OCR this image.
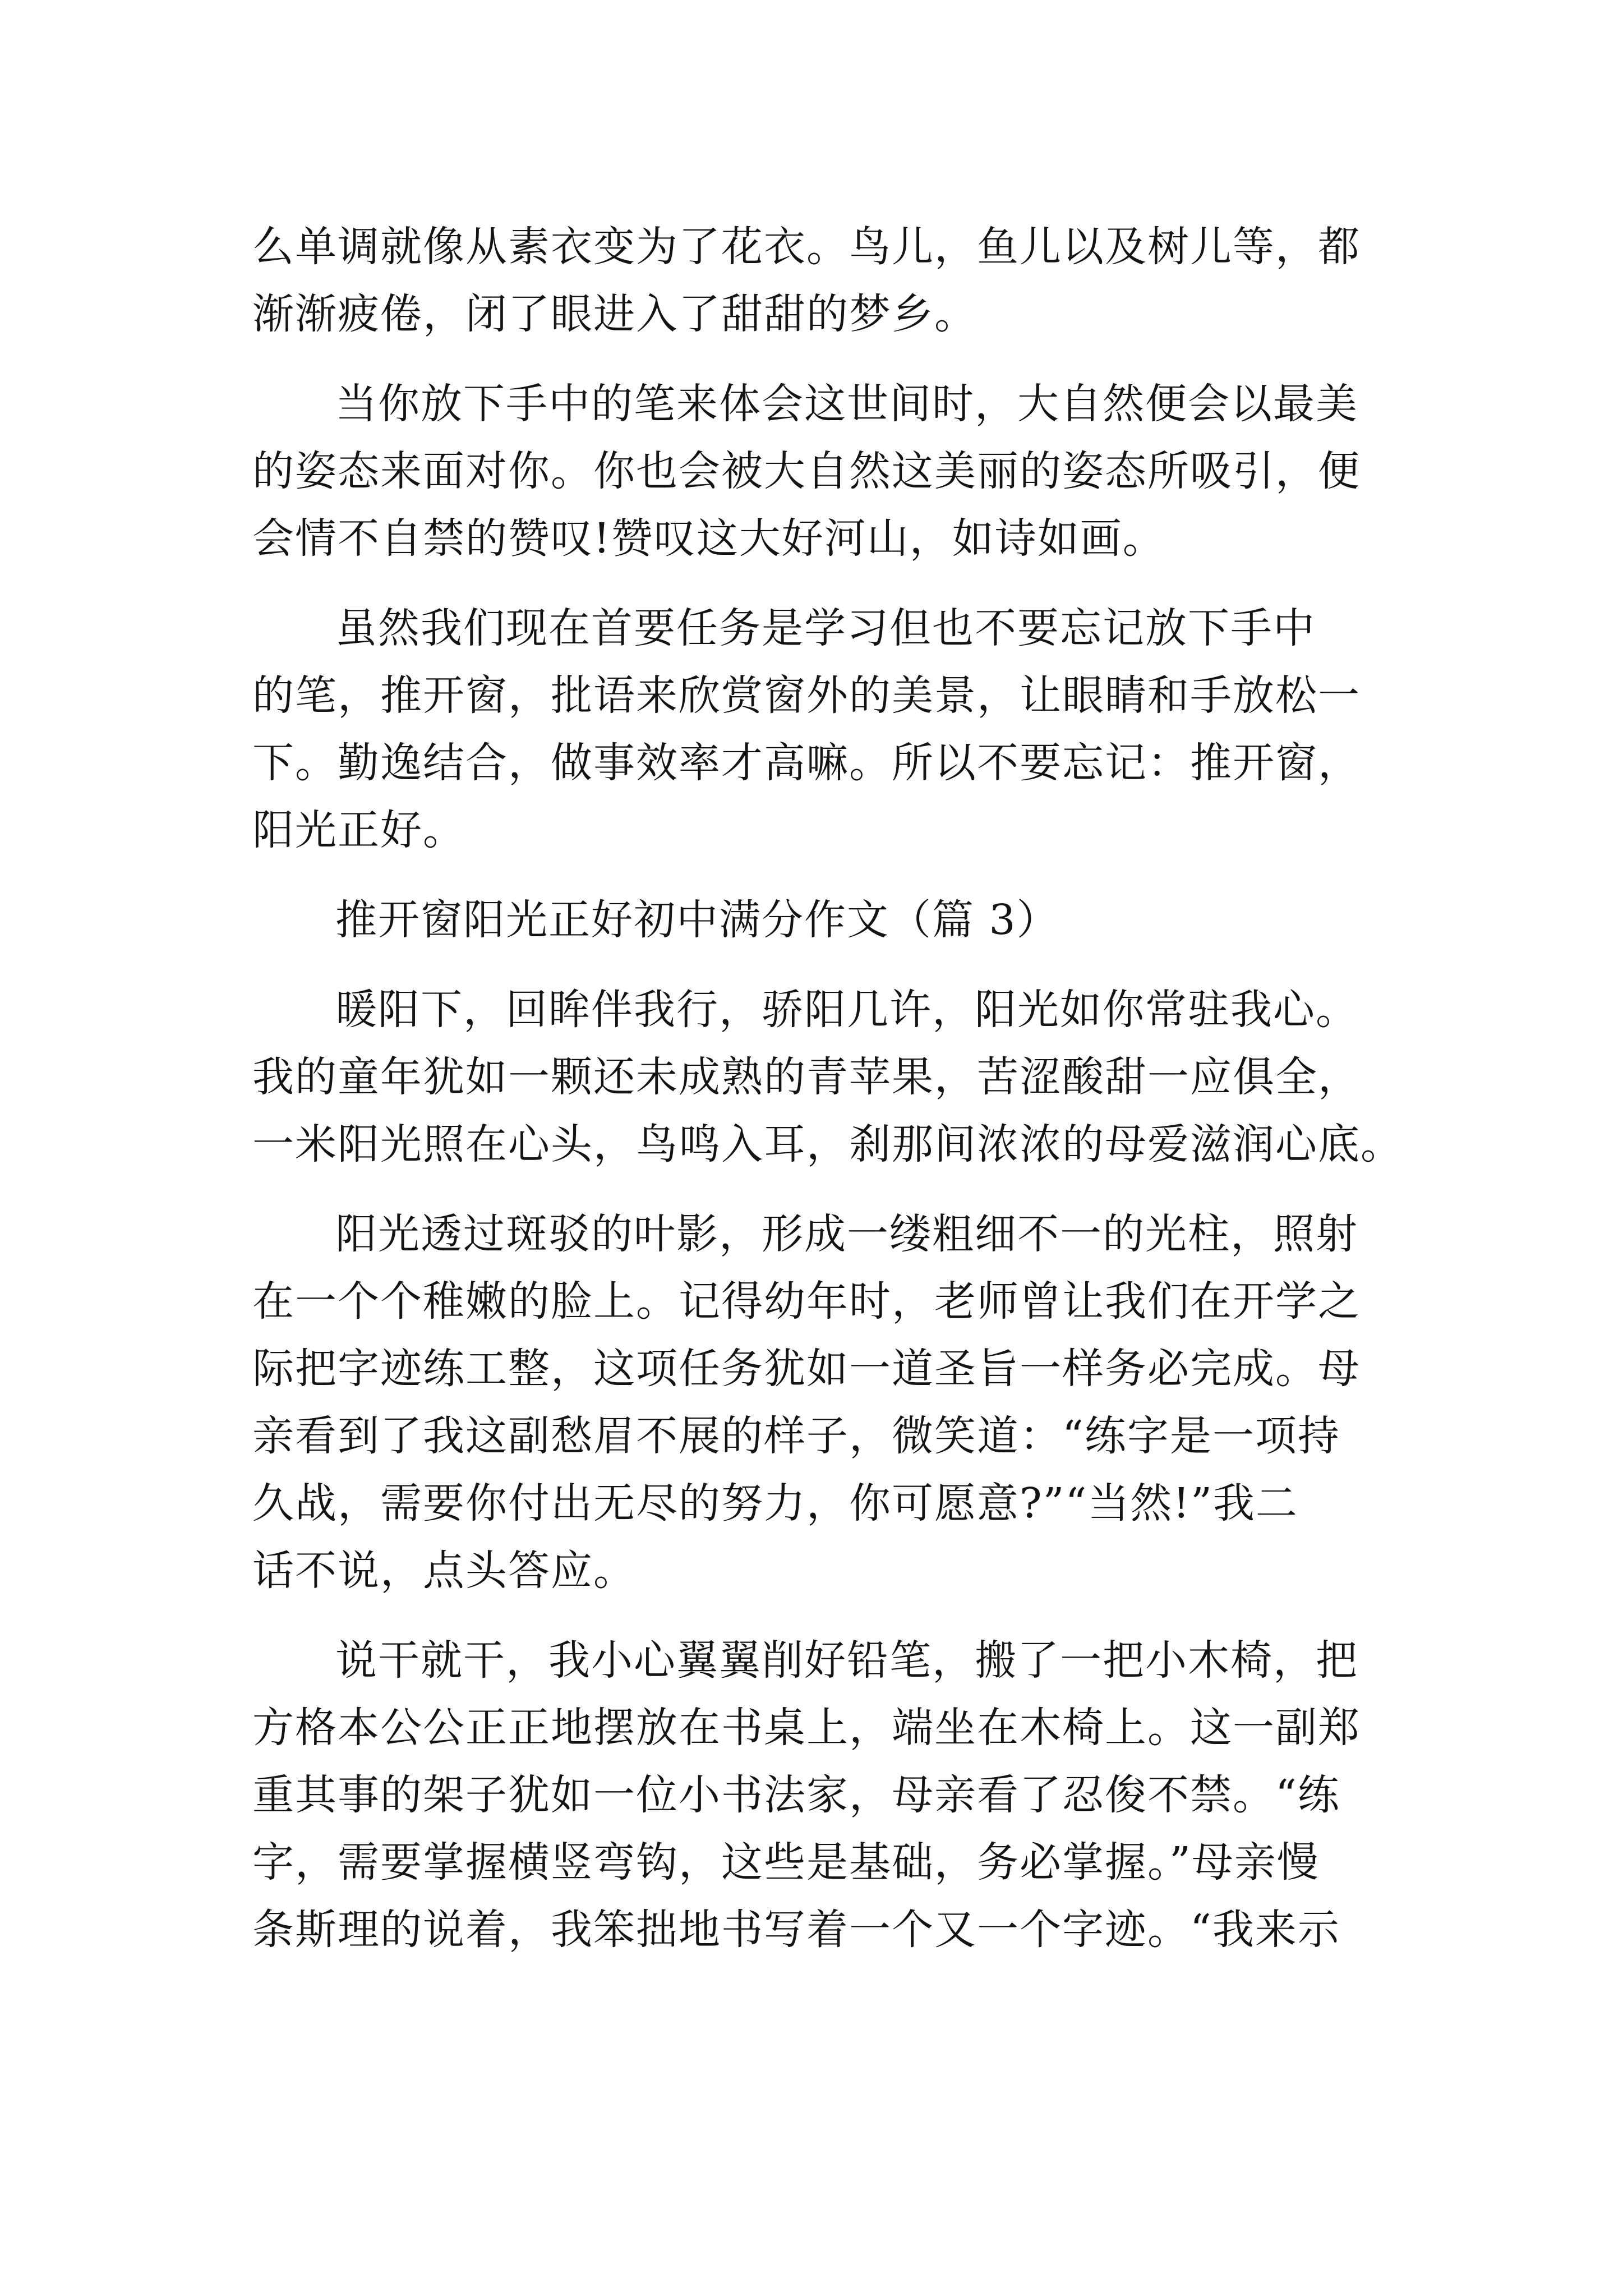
么单调就像从素衣变为了花衣。鸟儿，鱼儿以及树儿等，都
渐渐疲倦，闭了眼进入了甜甜的梦乡。
当你放下手中的笔来体会这世间时，大自然便会以最美
的姿态来面对你。你也会被大自然这美丽的姿态所吸引，便
会情不自禁的赞叹!赞叹这大好河山，如诗如画。
虽然我们现在首要任务是学习但也不要忘记放下手中
的笔，推开窗，批语来欣赏窗外的美景，让眼睛和手放松一
下。勤逸结合，做事效率才高嘛。所以不要忘记：推开窗，
阳光正好。
推开窗阳光正好初中满分作文（篇 3）
暖阳下，回眸伴我行，骄阳几许，阳光如你常驻我心。
我的童年犹如一颗还未成熟的青苹果，苦涩酸甜一应俱全，
一米阳光照在心头，鸟鸣入耳，刹那间浓浓的母爱滋润心底。
阳光透过斑驳的叶影，形成一缕粗细不一的光柱，照射
在一个个稚嫩的脸上。记得幼年时，老师曾让我们在开学之
际把字迹练工整，这项任务犹如一道圣旨一样务必完成。母
亲看到了我这副愁眉不展的样子，微笑道：“练字是一项持
久战，需要你付出无尽的努力，你可愿意?”“当然!”我二
话不说，点头答应。
说干就干，我小心翼翼削好铅笔，搬了一把小木椅，把
方格本公公正正地摆放在书桌上，端坐在木椅上。这一副郑
重其事的架子犹如一位小书法家，母亲看了忍俊不禁。“练
字，需要掌握横竖弯钩，这些是基础，务必掌握。”母亲慢
条斯理的说着，我笨拙地书写着一个又一个字迹。“我来示
